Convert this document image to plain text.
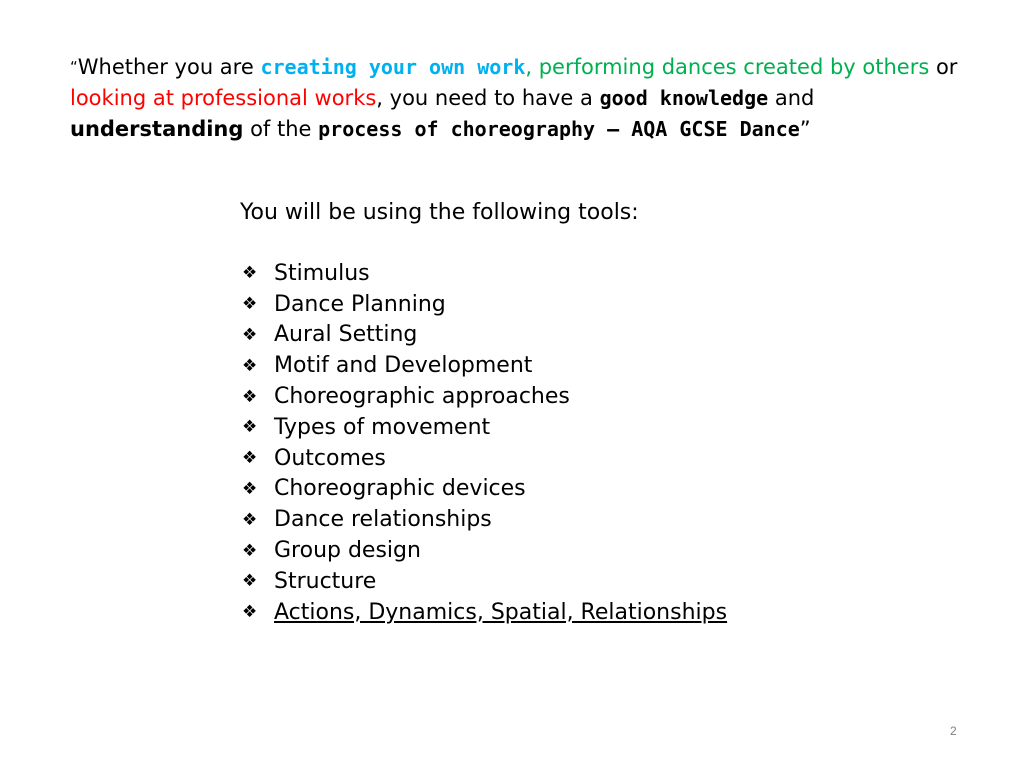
“Whether you are creating your own work, performing dances created by others or looking at professional works, you need to have a good knowledge and understanding of the process of choreography – AQA GCSE Dance”
You will be using the following tools:
❖ Stimulus
❖ Dance Planning
❖ Aural Setting
❖ Motif and Development
❖ Choreographic approaches
❖ Types of movement
❖ Outcomes
❖ Choreographic devices
❖ Dance relationships
❖ Group design
❖ Structure
❖ Actions, Dynamics, Spatial, Relationships
2
